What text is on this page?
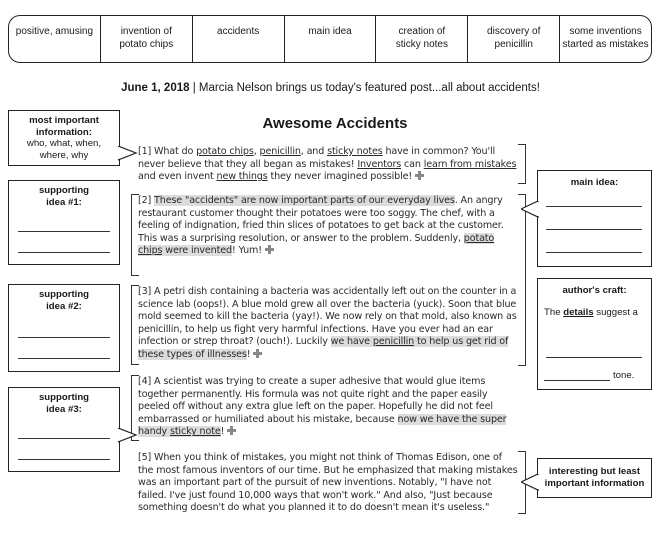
positive, amusing	invention of
potato chips
accidents	main idea	creation of
sticky notes
discovery of
penicillin
some inventions
started as mistakes
June 1, 2018 | Marcia Nelson brings us today's featured post...all about accidents!
Awesome Accidents
[1] What do potato chips, penicillin, and sticky notes have in common? You'll never believe that they all began as mistakes! Inventors can learn from mistakes and even invent new things they never imagined possible!
[2] These "accidents" are now important parts of our everyday lives. An angry restaurant customer thought their potatoes were too soggy. The chef, with a feeling of indignation, fried thin slices of potatoes to get back at the customer. This was a surprising resolution, or answer to the problem. Suddenly, potato chips were invented! Yum!
[3] A petri dish containing a bacteria was accidentally left out on the counter in a science lab (oops!). A blue mold grew all over the bacteria (yuck). Soon that blue mold seemed to kill the bacteria (yay!). We now rely on that mold, also known as penicillin, to help us fight very harmful infections. Have you ever had an ear infection or strep throat? (ouch!). Luckily we have penicillin to help us get rid of these types of illnesses!
[4] A scientist was trying to create a super adhesive that would glue items together permanently. His formula was not quite right and the paper easily peeled off without any extra glue left on the paper. Hopefully he did not feel embarrassed or humiliated about his mistake, because now we have the super handy sticky note!
[5] When you think of mistakes, you might not think of Thomas Edison, one of the most famous inventors of our time. But he emphasized that making mistakes was an important part of the pursuit of new inventions. Notably, "I have not failed. I've just found 10,000 ways that won't work." And also, "Just because something doesn't do what you planned it to do doesn't mean it's useless."
most important
information:
who, what, when,
where, why
supporting
idea #1:
supporting
idea #2:
supporting
idea #3:
main idea:
author's craft:
The details suggest a
tone.
interesting but least
important information
